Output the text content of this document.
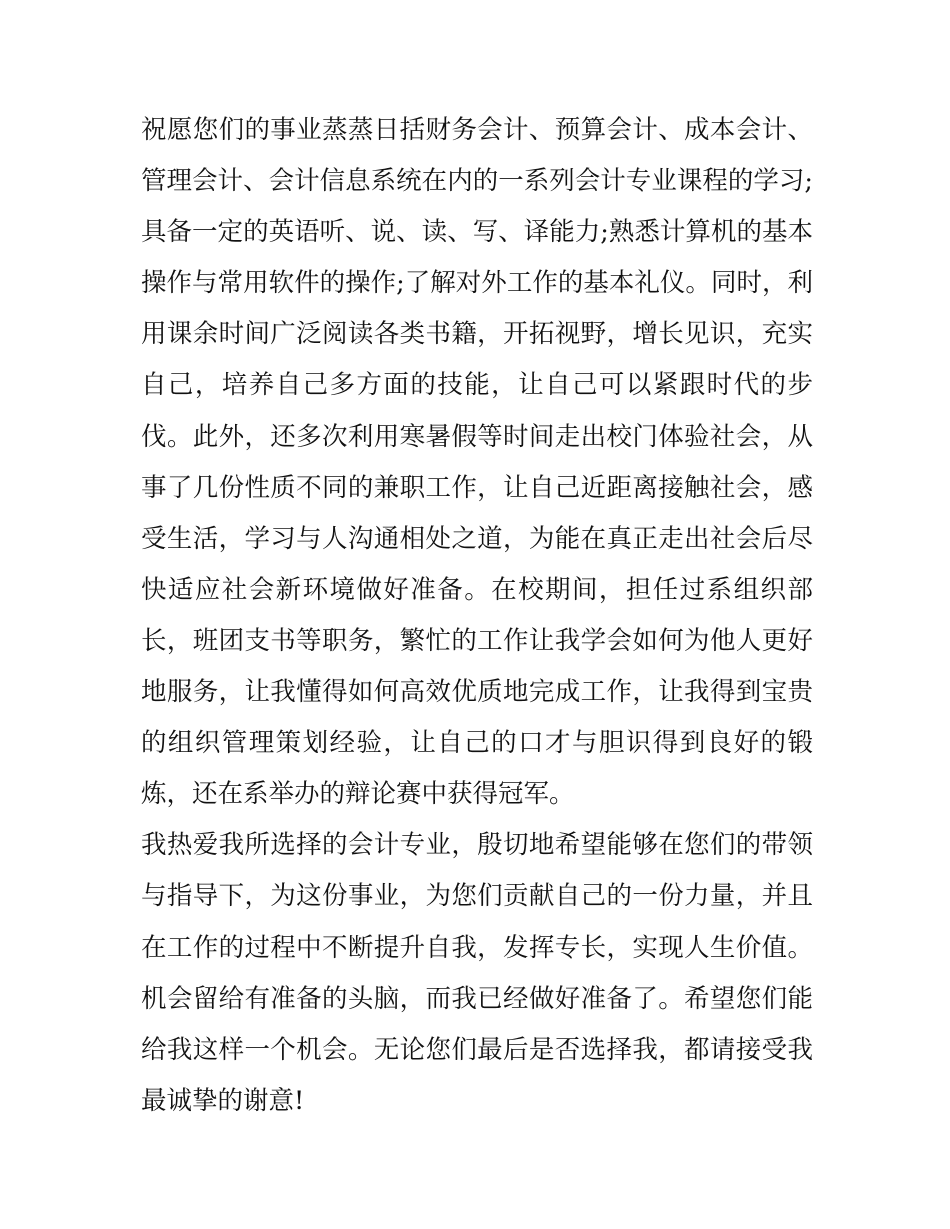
祝愿您们的事业蒸蒸日括财务会计、预算会计、成本会计、管理会计、会计信息系统在内的一系列会计专业课程的学习;具备一定的英语听、说、读、写、译能力;熟悉计算机的基本操作与常用软件的操作;了解对外工作的基本礼仪。同时，利用课余时间广泛阅读各类书籍，开拓视野，增长见识，充实自己，培养自己多方面的技能，让自己可以紧跟时代的步伐。此外，还多次利用寒暑假等时间走出校门体验社会，从事了几份性质不同的兼职工作，让自己近距离接触社会，感受生活，学习与人沟通相处之道，为能在真正走出社会后尽快适应社会新环境做好准备。在校期间，担任过系组织部长，班团支书等职务，繁忙的工作让我学会如何为他人更好地服务，让我懂得如何高效优质地完成工作，让我得到宝贵的组织管理策划经验，让自己的口才与胆识得到良好的锻炼，还在系举办的辩论赛中获得冠军。

我热爱我所选择的会计专业，殷切地希望能够在您们的带领与指导下，为这份事业，为您们贡献自己的一份力量，并且在工作的过程中不断提升自我，发挥专长，实现人生价值。机会留给有准备的头脑，而我已经做好准备了。希望您们能给我这样一个机会。无论您们最后是否选择我，都请接受我最诚挚的谢意!
